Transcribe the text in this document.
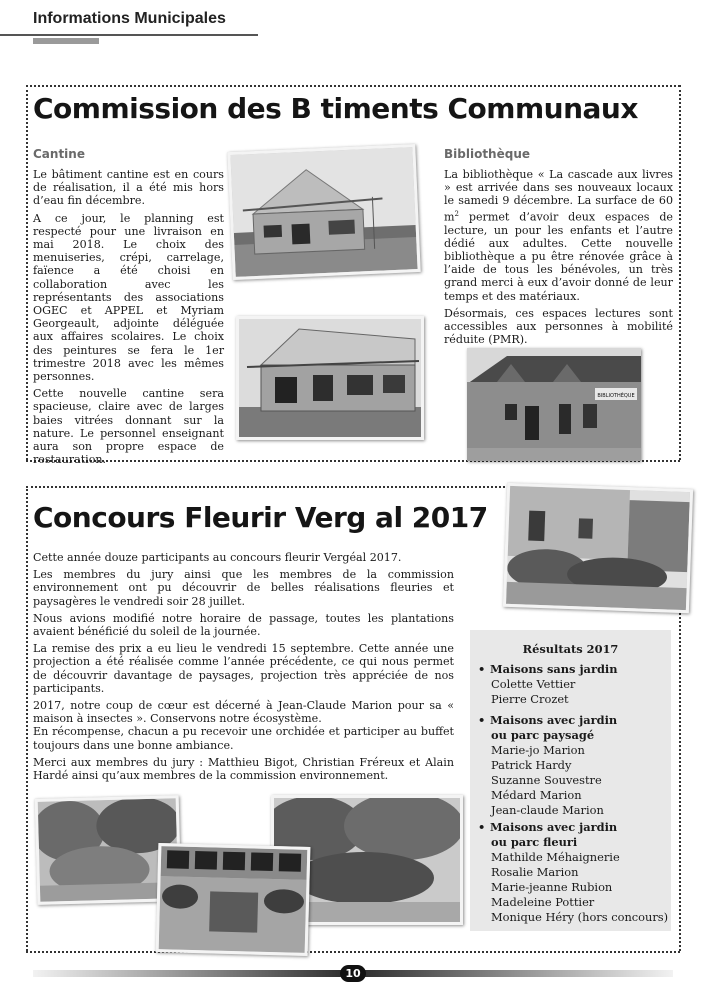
Informations Municipales
Commission des B timents Communaux
Cantine

Le bâtiment cantine est en cours de réalisation, il a été mis hors d’eau fin décembre.

A ce jour, le planning est respecté pour une livraison en mai 2018. Le choix des menuiseries, crépi, carrelage, faïence a été choisi en collaboration avec les représentants des associations OGEC et APPEL et Myriam Georgeault, adjointe déléguée aux affaires scolaires. Le choix des peintures se fera le 1er trimestre 2018 avec les mêmes personnes.

Cette nouvelle cantine sera spacieuse, claire avec de larges baies vitrées donnant sur la nature. Le personnel enseignant aura son propre espace de restauration.

Bibliothèque

La bibliothèque « La cascade aux livres » est arrivée dans ses nouveaux locaux le samedi 9 décembre. La surface de 60 $m^2$ permet d’avoir deux espaces de lecture, un pour les enfants et l’autre dédié aux adultes. Cette nouvelle bibliothèque a pu être rénovée grâce à l’aide de tous les bénévoles, un très grand merci à eux d’avoir donné de leur temps et des matériaux.

Désormais, ces espaces lectures sont accessibles aux personnes à mobilité réduite (PMR).

BIBLIOTHÈQUE
Concours Fleurir Verg al 2017

Cette année douze participants au concours fleurir Vergéal 2017.

Les membres du jury ainsi que les membres de la commission environnement ont pu découvrir de belles réalisations fleuries et paysagères le vendredi soir 28 juillet.

Nous avions modifié notre horaire de passage, toutes les plantations avaient bénéficié du soleil de la journée.

La remise des prix a eu lieu le vendredi 15 septembre. Cette année une projection a été réalisée comme l’année précédente, ce qui nous permet de découvrir davantage de paysages, projection très appréciée de nos participants.

2017, notre coup de cœur est décerné à Jean-Claude Marion pour sa « maison à insectes ». Conservons notre écosystème.

En récompense, chacun a pu recevoir une orchidée et participer au buffet toujours dans une bonne ambiance.

Merci aux membres du jury : Matthieu Bigot, Christian Fréreux et Alain Hardé ainsi qu’aux membres de la commission environnement.

Résultats 2017
• Maisons sans jardin
Colette Vettier
Pierre Crozet
• Maisons avec jardin
ou parc paysagé
Marie-jo Marion
Patrick Hardy
Suzanne Souvestre
Médard Marion
Jean-claude Marion
• Maisons avec jardin
ou parc fleuri
Mathilde Méhaignerie
Rosalie Marion
Marie-jeanne Rubion
Madeleine Pottier
Monique Héry (hors concours)
10
